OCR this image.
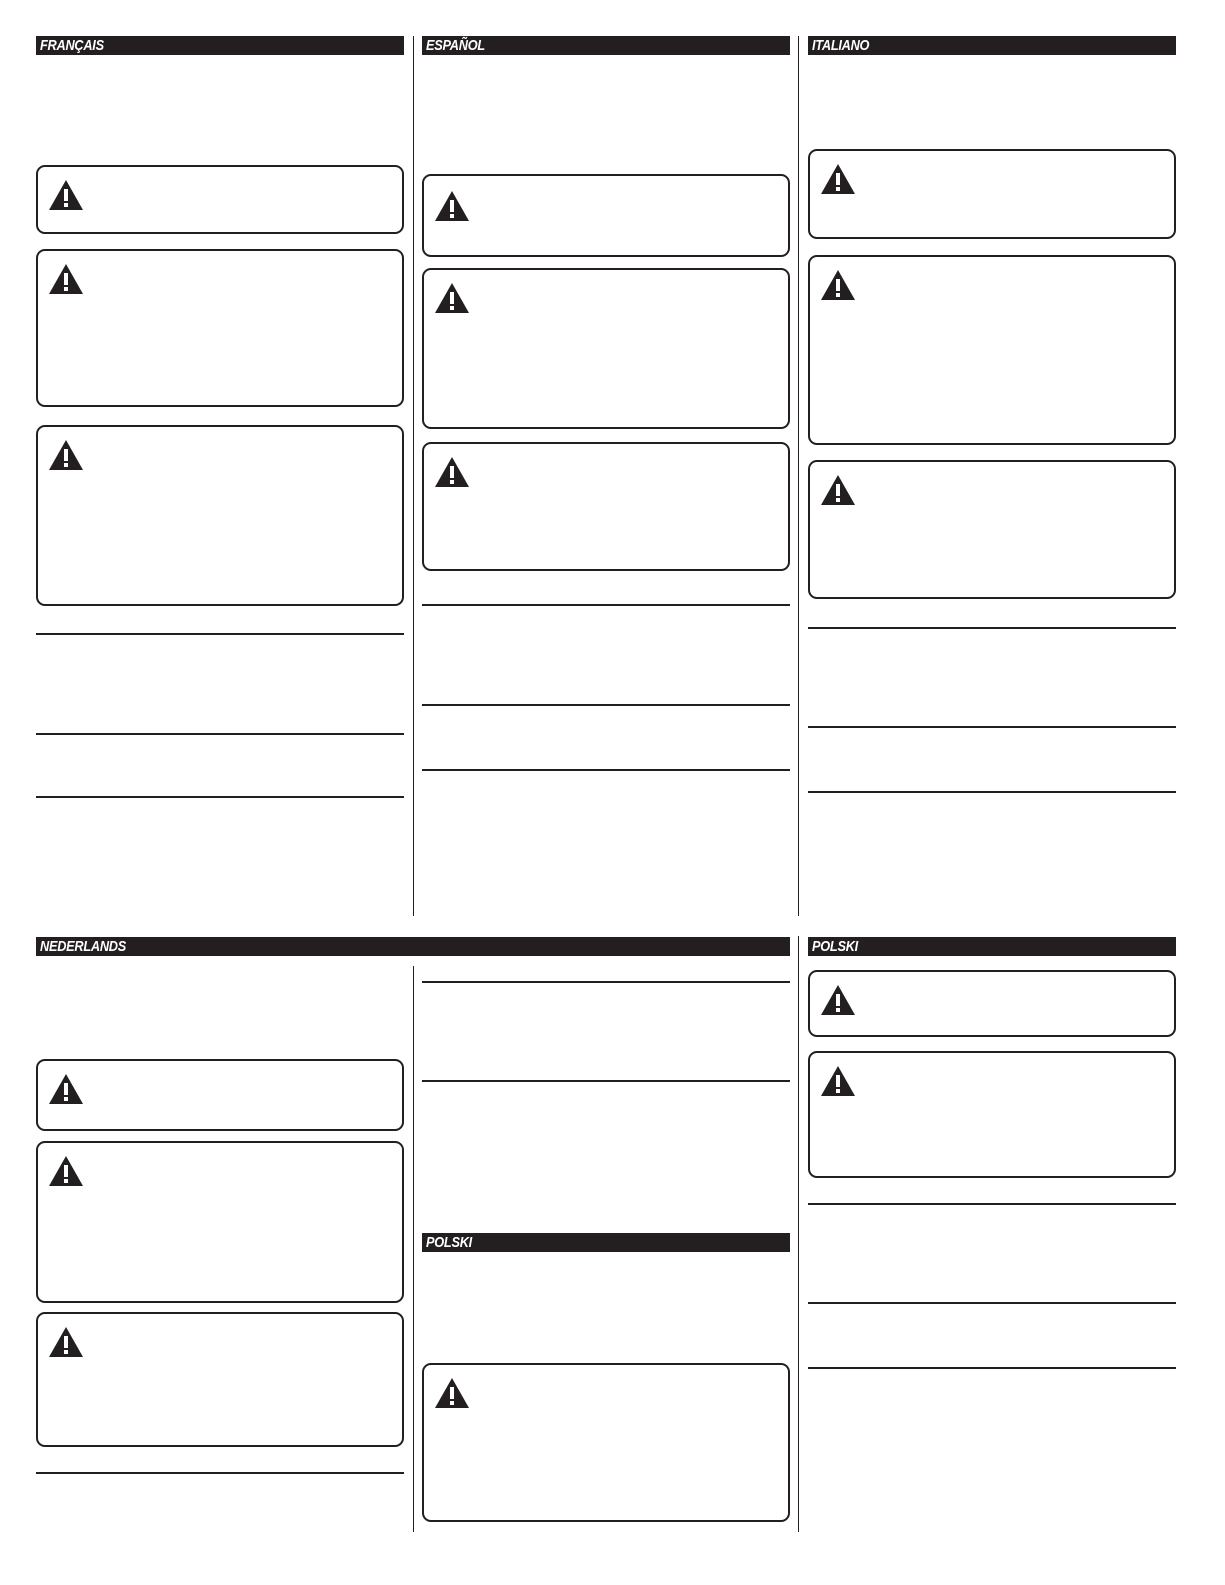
FRANÇAIS	ESPAÑOL	ITALIANO
NEDERLANDS
POLSKI
POLSKI
